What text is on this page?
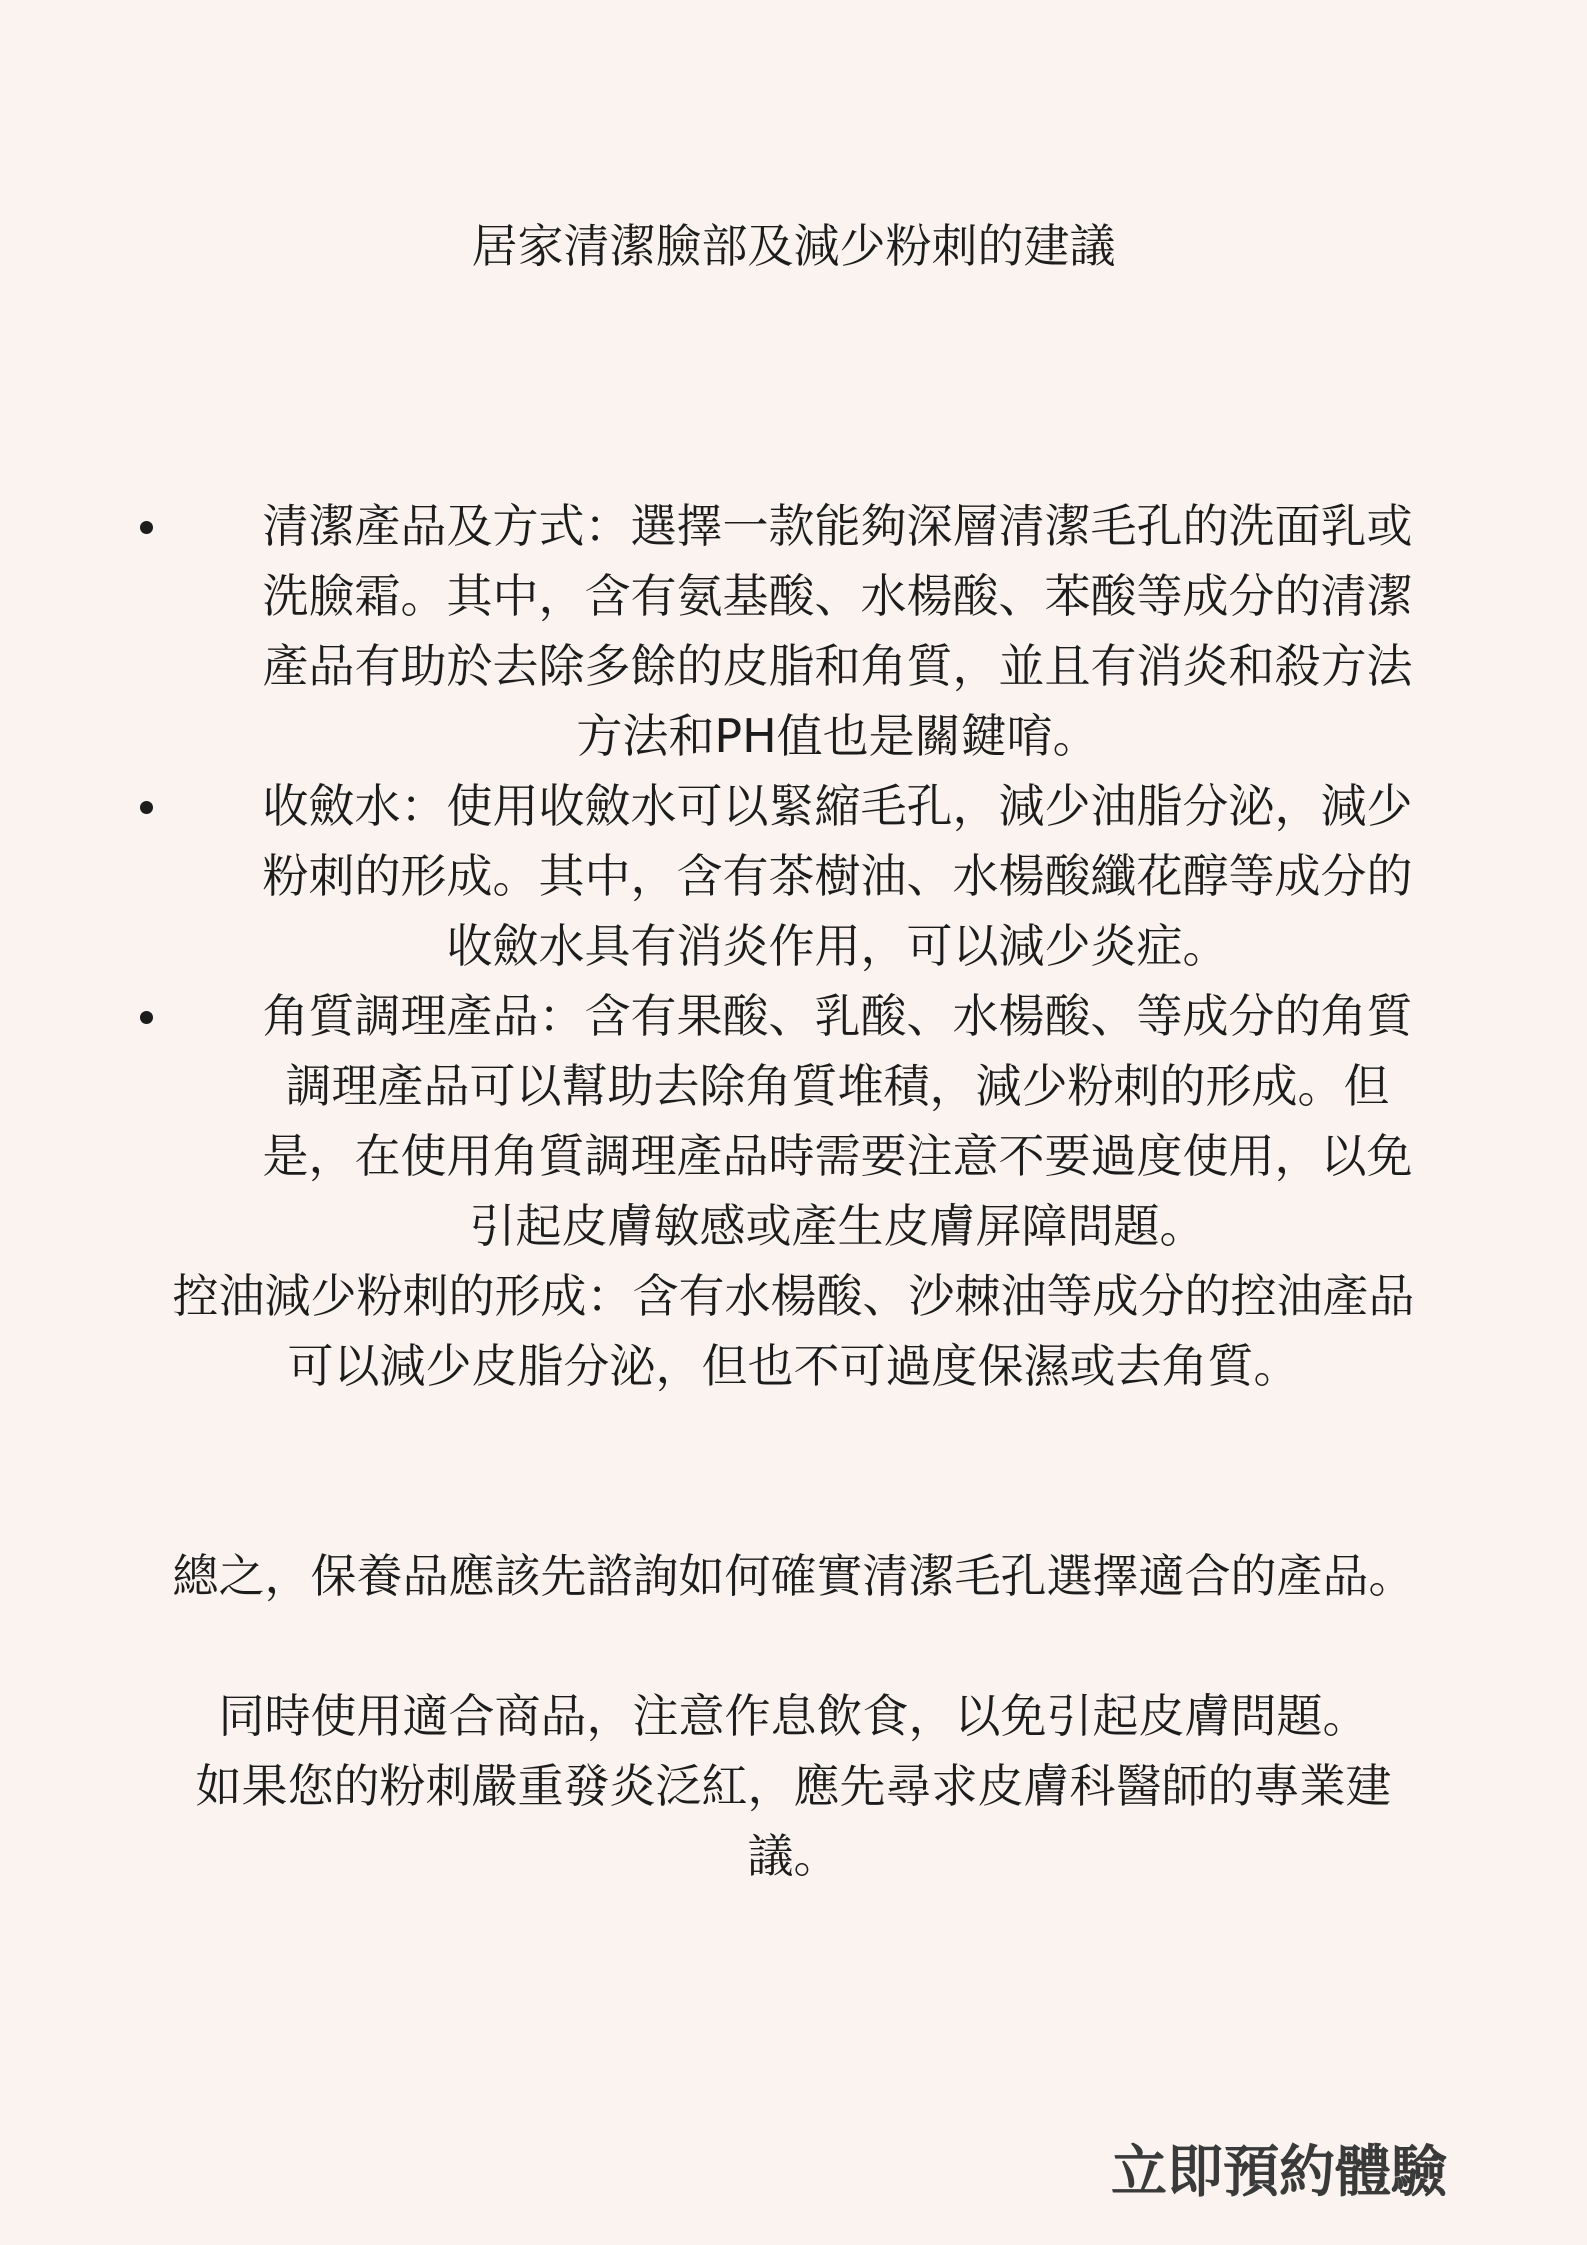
居家清潔臉部及減少粉刺的建議
清潔產品及方式：選擇一款能夠深層清潔毛孔的洗面乳或
洗臉霜。其中，含有氨基酸、水楊酸、苯酸等成分的清潔
產品有助於去除多餘的皮脂和角質，並且有消炎和殺方法
方法和PH值也是關鍵唷。
收斂水：使用收斂水可以緊縮毛孔，減少油脂分泌，減少
粉刺的形成。其中，含有茶樹油、水楊酸纖花醇等成分的
收斂水具有消炎作用，可以減少炎症。
角質調理產品：含有果酸、乳酸、水楊酸、等成分的角質
調理產品可以幫助去除角質堆積，減少粉刺的形成。但
是，在使用角質調理產品時需要注意不要過度使用，以免
引起皮膚敏感或產生皮膚屏障問題。
控油減少粉刺的形成：含有水楊酸、沙棘油等成分的控油產品
可以減少皮脂分泌，但也不可過度保濕或去角質。
總之，保養品應該先諮詢如何確實清潔毛孔選擇適合的產品。
同時使用適合商品，注意作息飲食，以免引起皮膚問題。
如果您的粉刺嚴重發炎泛紅，應先尋求皮膚科醫師的專業建
議。
立即預約體驗
